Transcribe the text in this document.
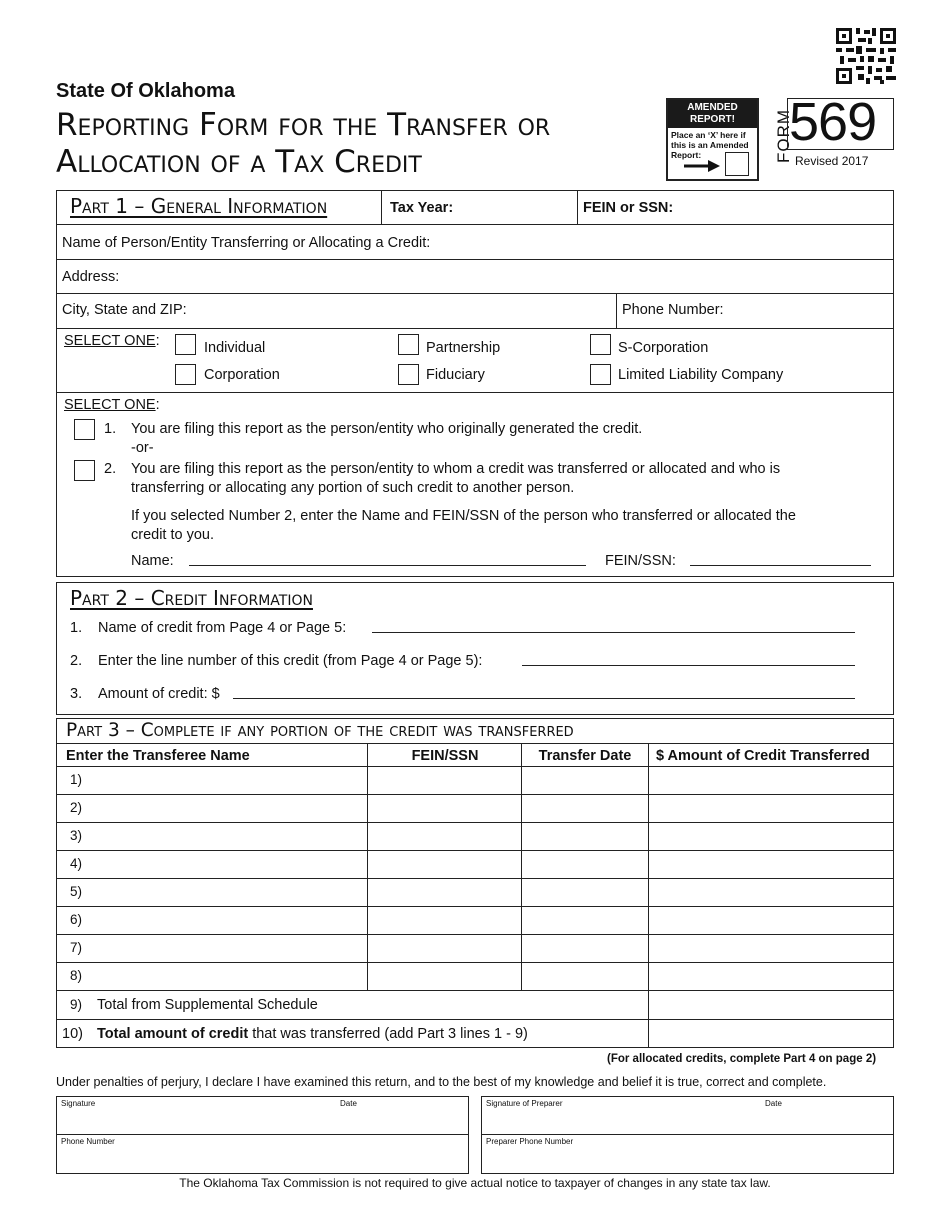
State Of Oklahoma
Reporting Form for the Transfer or
Allocation of a Tax Credit
AMENDED
REPORT!
Place an ‘X’ here if
this is an Amended
Report:	FORM
569
Revised 2017
Part 1 – General Information	Tax Year:	FEIN or SSN:
Name of Person/Entity Transferring or Allocating a Credit:
Address:
City, State and ZIP:	Phone Number:
SELECT ONE:	Individual	Partnership	S-Corporation
Corporation	Fiduciary	Limited Liability Company
SELECT ONE:
1. You are filing this report as the person/entity who originally generated the credit.
-or-
2. You are filing this report as the person/entity to whom a credit was transferred or allocated and who is
transferring or allocating any portion of such credit to another person.
If you selected Number 2, enter the Name and FEIN/SSN of the person who transferred or allocated the
credit to you.
Name:	FEIN/SSN:
Part 2 – Credit Information
1. Name of credit from Page 4 or Page 5:
2. Enter the line number of this credit (from Page 4 or Page 5):
3. Amount of credit: $
Part 3 – Complete if any portion of the credit was transferred
Enter the Transferee Name	FEIN/SSN	Transfer Date	$ Amount of Credit Transferred
1)
2)
3)
4)
5)
6)
7)
8)
9) Total from Supplemental Schedule
10) Total amount of credit that was transferred (add Part 3 lines 1 - 9)
(For allocated credits, complete Part 4 on page 2)
Under penalties of perjury, I declare I have examined this return, and to the best of my knowledge and belief it is true, correct and complete.
Signature	Date
Phone Number
Signature of Preparer	Date
Preparer Phone Number
The Oklahoma Tax Commission is not required to give actual notice to taxpayer of changes in any state tax law.
